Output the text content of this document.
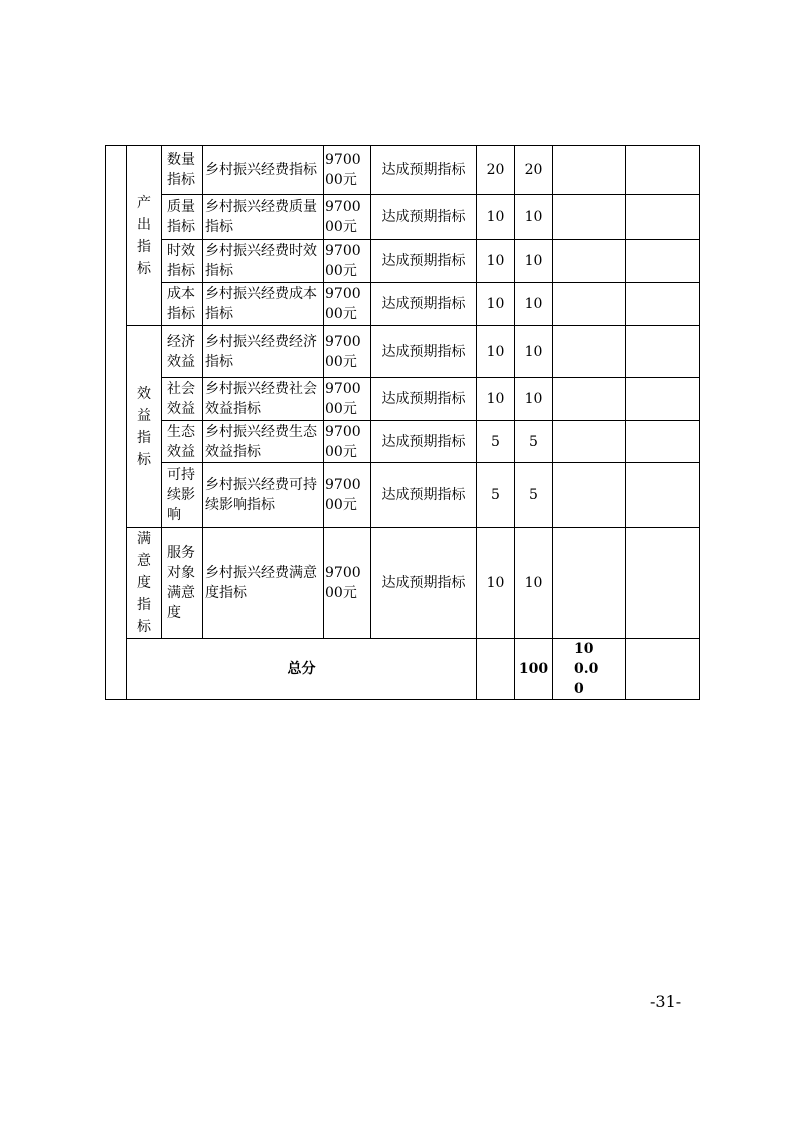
	产出指标	数量指标	乡村振兴经费指标	970000元	达成预期指标	20	20			

		质量指标	乡村振兴经费质量指标	970000元	达成预期指标	10	10			

		时效指标	乡村振兴经费时效指标	970000元	达成预期指标	10	10			

		成本指标	乡村振兴经费成本指标	970000元	达成预期指标	10	10			

	效益指标	经济效益	乡村振兴经费经济指标	970000元	达成预期指标	10	10			

		社会效益	乡村振兴经费社会效益指标	970000元	达成预期指标	10	10			

		生态效益	乡村振兴经费生态效益指标	970000元	达成预期指标	5	5			

		可持续影响	乡村振兴经费可持续影响指标	970000元	达成预期指标	5	5			

	满意度指标	服务对象满意度	乡村振兴经费满意度指标	970000元	达成预期指标	10	10			
	总分						100	100.00		

-31-
